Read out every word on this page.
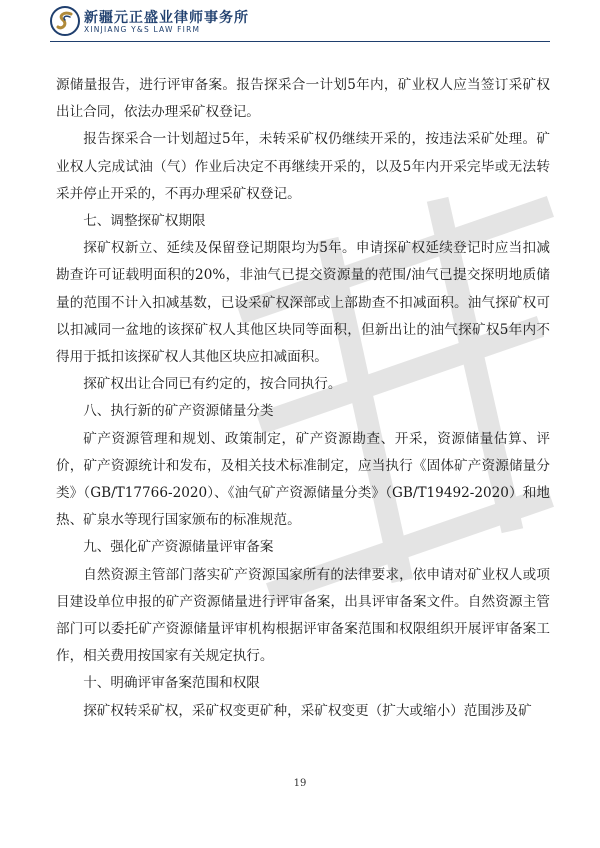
新疆元正盛业律师事务所
XINJIANG Y&S LAW FIRM

源储量报告，进行评审备案。报告探采合一计划5年内，矿业权人应当签订采矿权出让合同，依法办理采矿权登记。

报告探采合一计划超过5年，未转采矿权仍继续开采的，按违法采矿处理。矿业权人完成试油（气）作业后决定不再继续开采的，以及5年内开采完毕或无法转采并停止开采的，不再办理采矿权登记。

七、调整探矿权期限

探矿权新立、延续及保留登记期限均为5年。申请探矿权延续登记时应当扣减勘查许可证载明面积的20%，非油气已提交资源量的范围/油气已提交探明地质储量的范围不计入扣减基数，已设采矿权深部或上部勘查不扣减面积。油气探矿权可以扣减同一盆地的该探矿权人其他区块同等面积，但新出让的油气探矿权5年内不得用于抵扣该探矿权人其他区块应扣减面积。

探矿权出让合同已有约定的，按合同执行。

八、执行新的矿产资源储量分类

矿产资源管理和规划、政策制定，矿产资源勘查、开采，资源储量估算、评价，矿产资源统计和发布，及相关技术标准制定，应当执行《固体矿产资源储量分类》（GB/T17766-2020）、《油气矿产资源储量分类》（GB/T19492-2020）和地热、矿泉水等现行国家颁布的标准规范。

九、强化矿产资源储量评审备案

自然资源主管部门落实矿产资源国家所有的法律要求，依申请对矿业权人或项目建设单位申报的矿产资源储量进行评审备案，出具评审备案文件。自然资源主管部门可以委托矿产资源储量评审机构根据评审备案范围和权限组织开展评审备案工作，相关费用按国家有关规定执行。

十、明确评审备案范围和权限

探矿权转采矿权，采矿权变更矿种，采矿权变更（扩大或缩小）范围涉及矿

19
